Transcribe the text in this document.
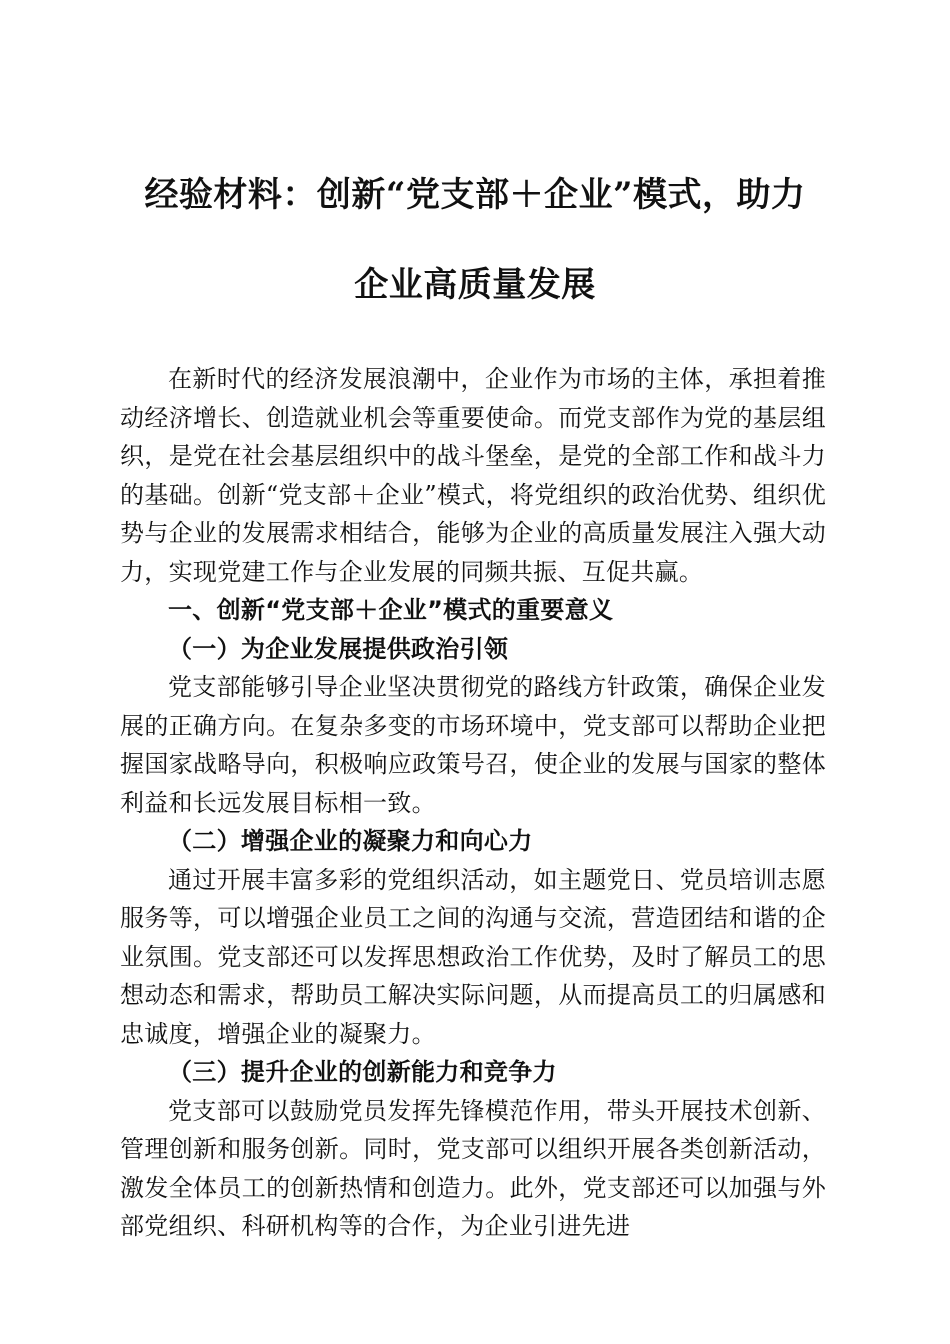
经验材料：创新“党支部＋企业”模式，助力
企业高质量发展

在新时代的经济发展浪潮中，企业作为市场的主体，承担着推动经济增长、创造就业机会等重要使命。而党支部作为党的基层组织，是党在社会基层组织中的战斗堡垒，是党的全部工作和战斗力的基础。创新“党支部＋企业”模式，将党组织的政治优势、组织优势与企业的发展需求相结合，能够为企业的高质量发展注入强大动力，实现党建工作与企业发展的同频共振、互促共赢。

一、创新“党支部＋企业”模式的重要意义

（一）为企业发展提供政治引领

党支部能够引导企业坚决贯彻党的路线方针政策，确保企业发展的正确方向。在复杂多变的市场环境中，党支部可以帮助企业把握国家战略导向，积极响应政策号召，使企业的发展与国家的整体利益和长远发展目标相一致。

（二）增强企业的凝聚力和向心力

通过开展丰富多彩的党组织活动，如主题党日、党员培训志愿服务等，可以增强企业员工之间的沟通与交流，营造团结和谐的企业氛围。党支部还可以发挥思想政治工作优势，及时了解员工的思想动态和需求，帮助员工解决实际问题，从而提高员工的归属感和忠诚度，增强企业的凝聚力。

（三）提升企业的创新能力和竞争力

党支部可以鼓励党员发挥先锋模范作用，带头开展技术创新、管理创新和服务创新。同时，党支部可以组织开展各类创新活动，激发全体员工的创新热情和创造力。此外，党支部还可以加强与外部党组织、科研机构等的合作，为企业引进先进
